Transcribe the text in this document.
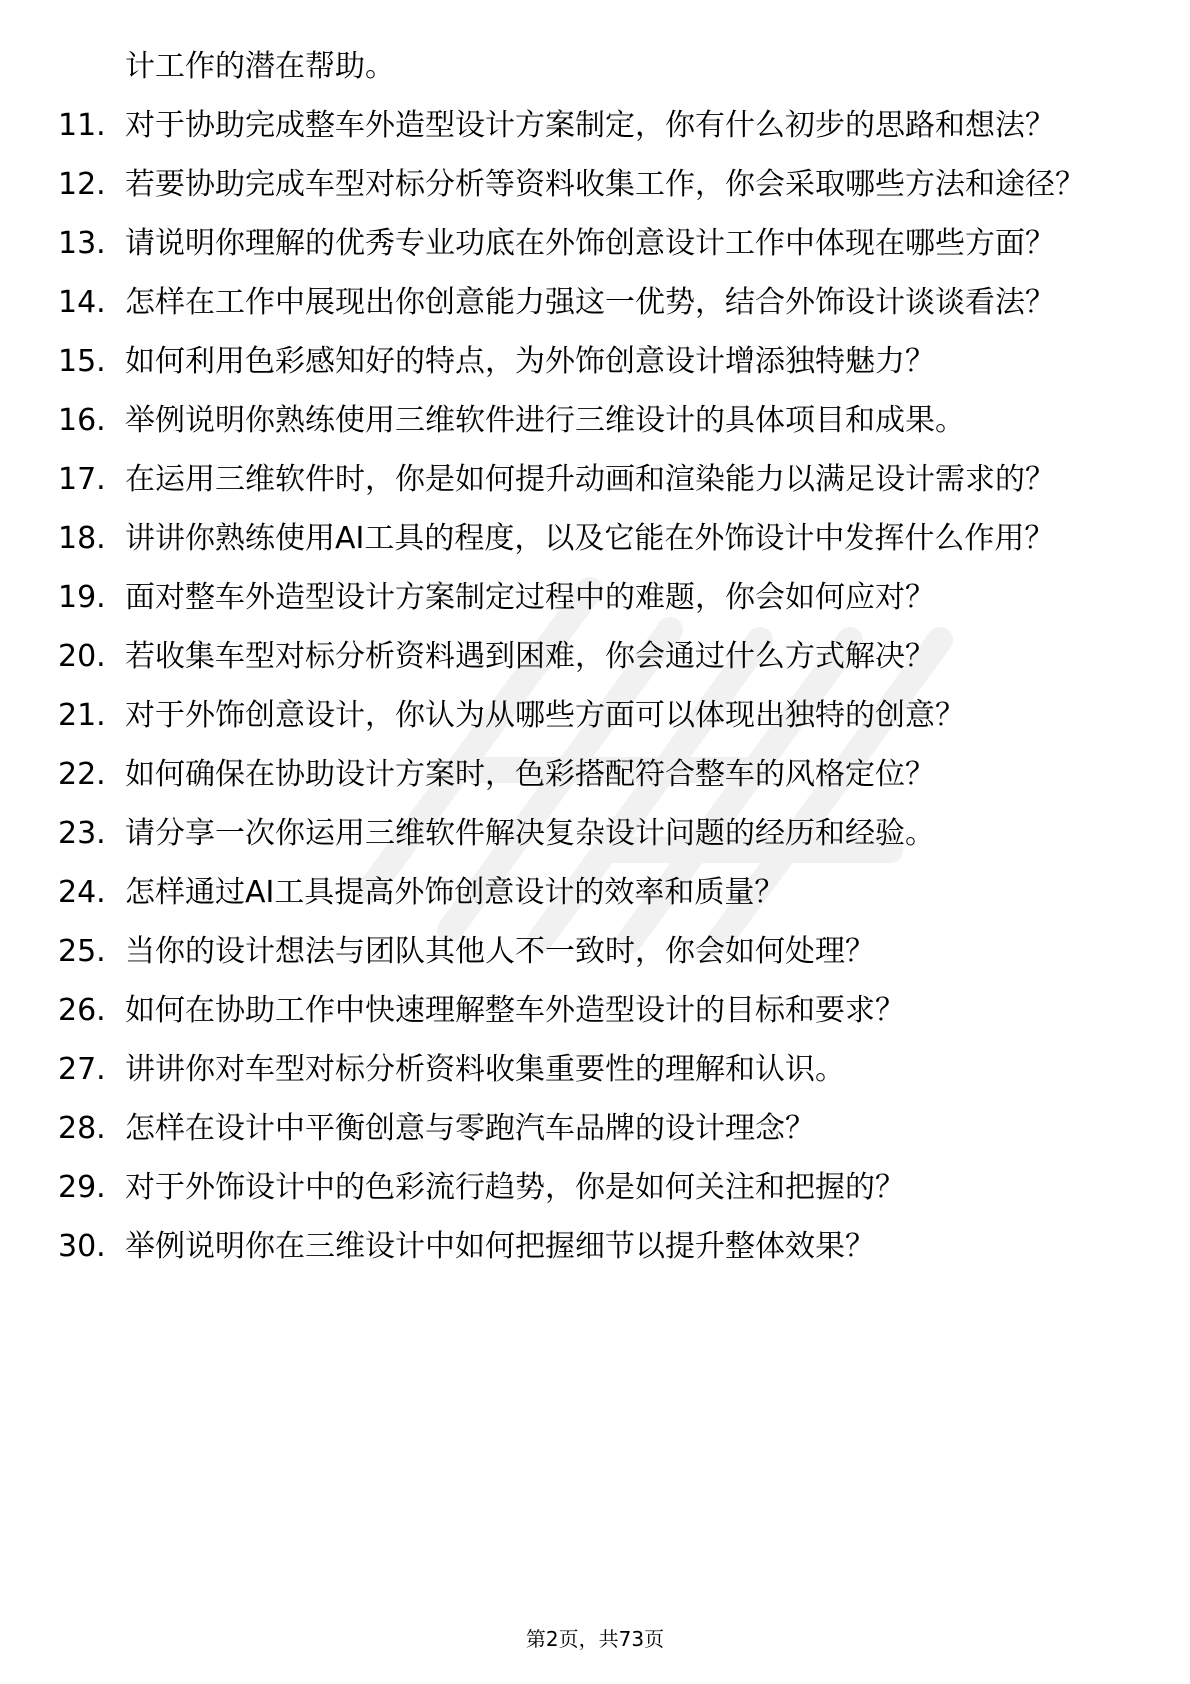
计工作的潜在帮助。
11. 对于协助完成整车外造型设计方案制定，你有什么初步的思路和想法？
12. 若要协助完成车型对标分析等资料收集工作，你会采取哪些方法和途径？
13. 请说明你理解的优秀专业功底在外饰创意设计工作中体现在哪些方面？
14. 怎样在工作中展现出你创意能力强这一优势，结合外饰设计谈谈看法？
15. 如何利用色彩感知好的特点，为外饰创意设计增添独特魅力？
16. 举例说明你熟练使用三维软件进行三维设计的具体项目和成果。
17. 在运用三维软件时，你是如何提升动画和渲染能力以满足设计需求的？
18. 讲讲你熟练使用AI工具的程度，以及它能在外饰设计中发挥什么作用？
19. 面对整车外造型设计方案制定过程中的难题，你会如何应对？
20. 若收集车型对标分析资料遇到困难，你会通过什么方式解决？
21. 对于外饰创意设计，你认为从哪些方面可以体现出独特的创意？
22. 如何确保在协助设计方案时，色彩搭配符合整车的风格定位？
23. 请分享一次你运用三维软件解决复杂设计问题的经历和经验。
24. 怎样通过AI工具提高外饰创意设计的效率和质量？
25. 当你的设计想法与团队其他人不一致时，你会如何处理？
26. 如何在协助工作中快速理解整车外造型设计的目标和要求？
27. 讲讲你对车型对标分析资料收集重要性的理解和认识。
28. 怎样在设计中平衡创意与零跑汽车品牌的设计理念？
29. 对于外饰设计中的色彩流行趋势，你是如何关注和把握的？
30. 举例说明你在三维设计中如何把握细节以提升整体效果？
第2页，共73页
